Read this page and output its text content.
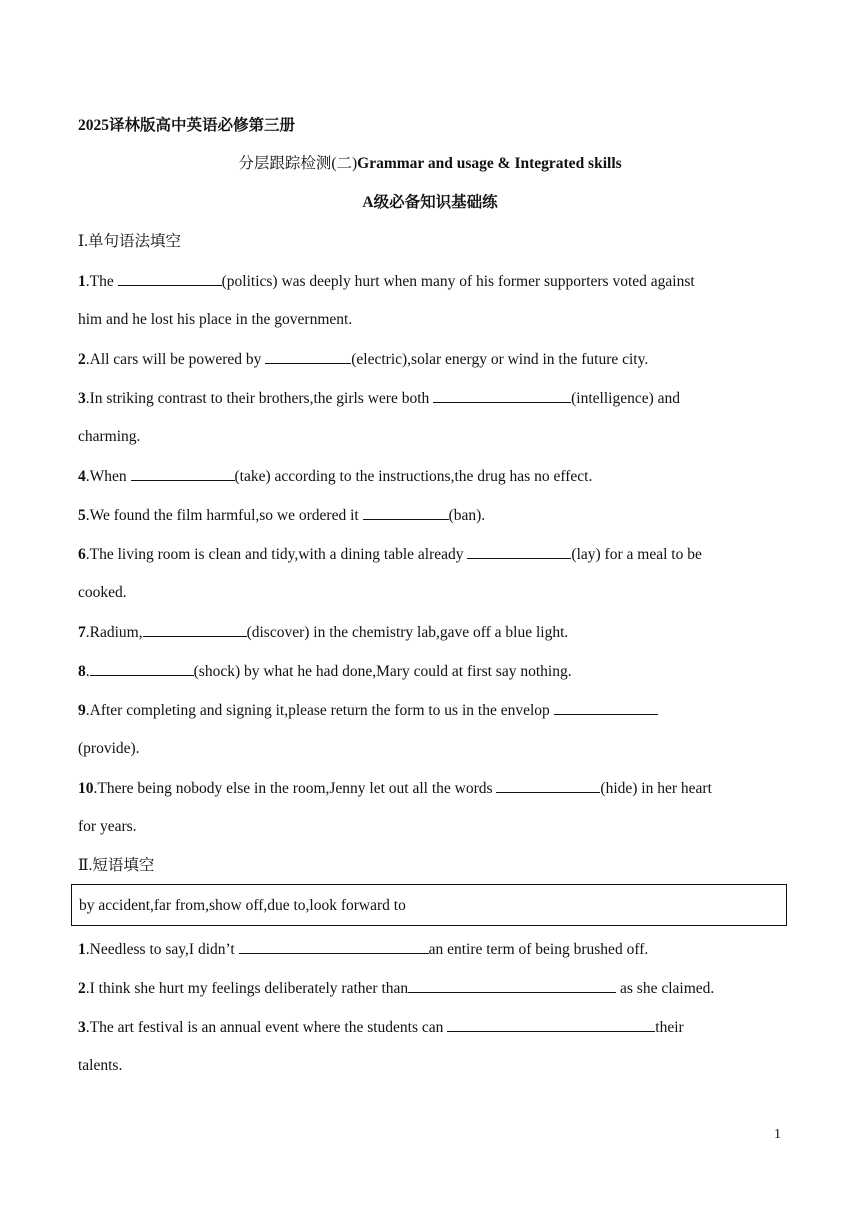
2025译林版高中英语必修第三册
分层跟踪检测(二)Grammar and usage & Integrated skills
A级必备知识基础练
Ⅰ.单句语法填空
1.The	(politics) was deeply hurt when many of his former supporters voted against
him and he lost his place in the government.
2.All cars will be powered by	(electric),solar energy or wind in the future city.
3.In striking contrast to their brothers,the girls were both	(intelligence) and
charming.
4.When	(take) according to the instructions,the drug has no effect.
5.We found the film harmful,so we ordered it	(ban).
6.The living room is clean and tidy,with a dining table already	(lay) for a meal to be
cooked.
7.Radium,	(discover) in the chemistry lab,gave off a blue light.
8.	(shock) by what he had done,Mary could at first say nothing.
9.After completing and signing it,please return the form to us in the envelop
(provide).
10.There being nobody else in the room,Jenny let out all the words	(hide) in her heart
for years.
Ⅱ.短语填空
by accident,far from,show off,due to,look forward to
1.Needless to say,I didn’t	an entire term of being brushed off.
2.I think she hurt my feelings deliberately rather than	as she claimed.
3.The art festival is an annual event where the students can	their
talents.
1
